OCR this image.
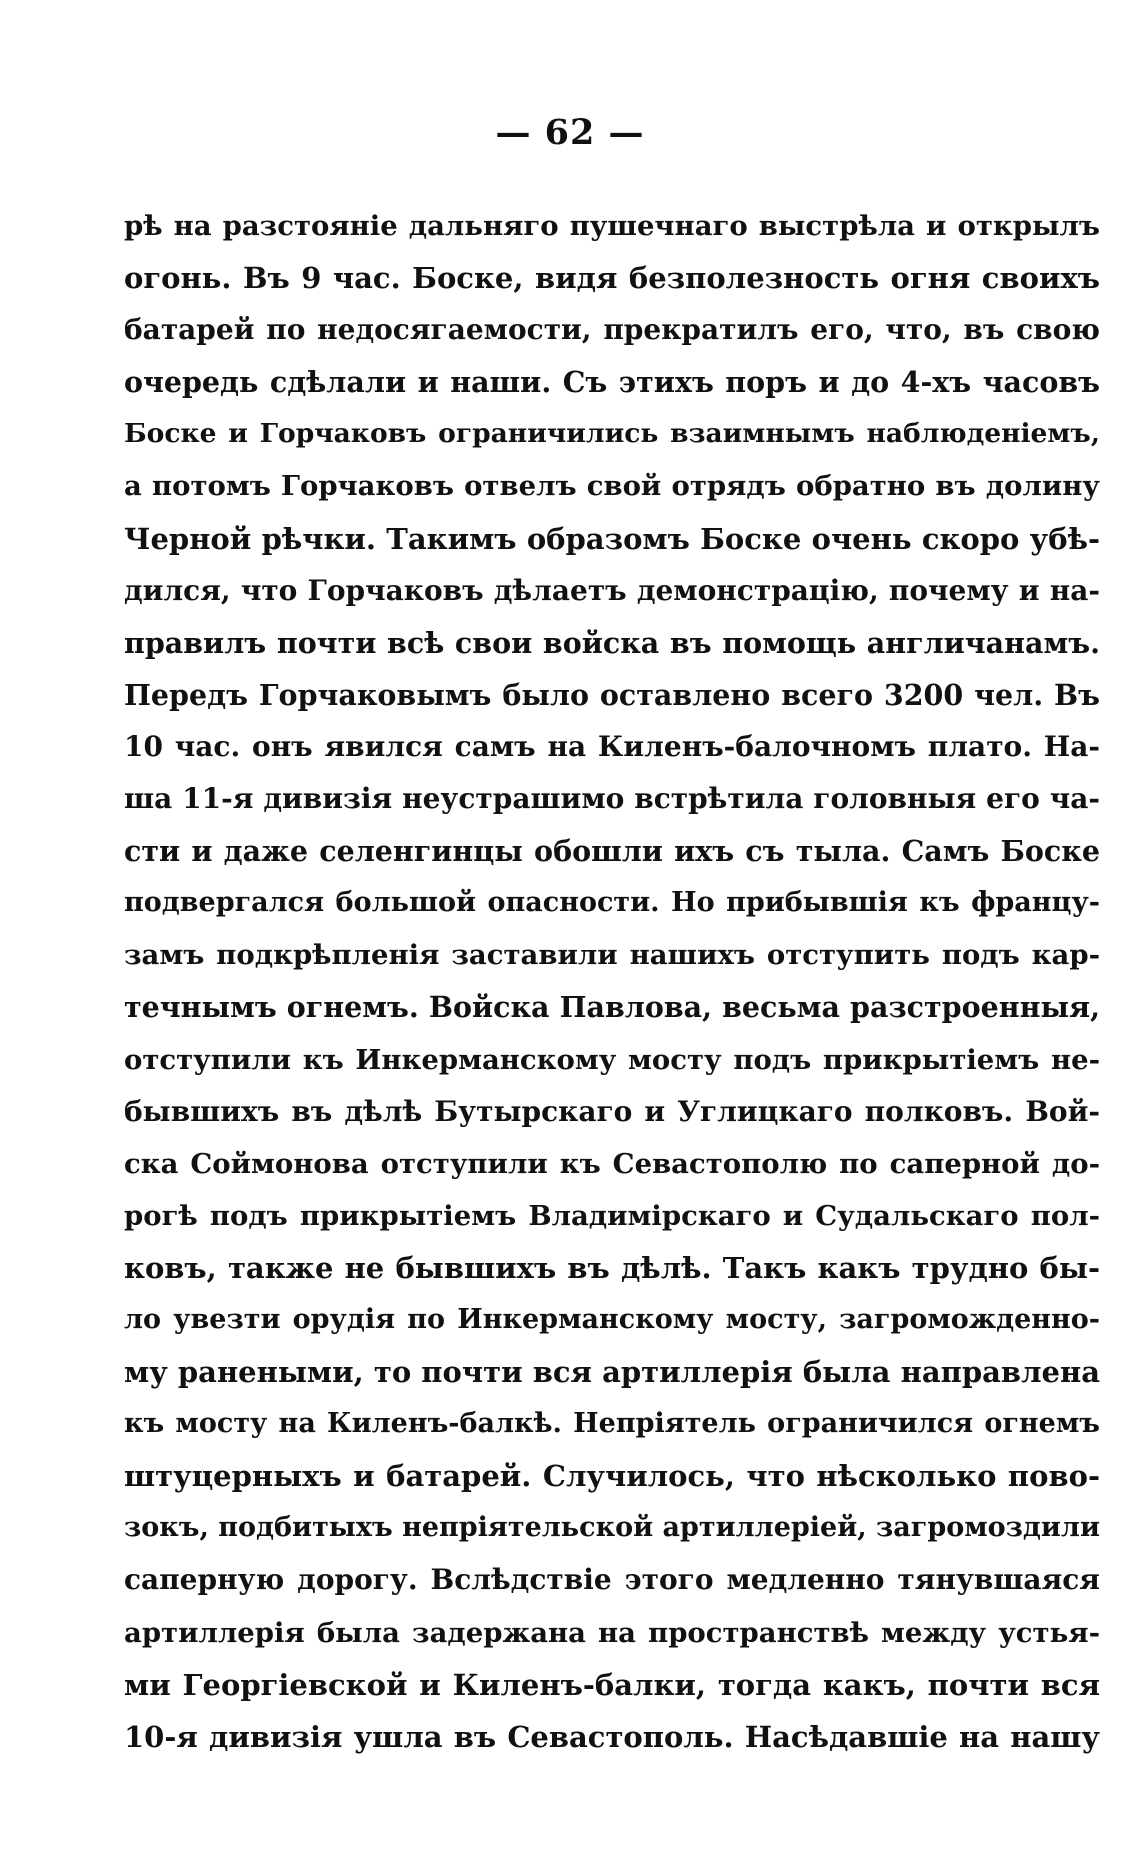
— 62 —
рѣ на разстояніе дальняго пушечнаго выстрѣла и открылъ
огонь. Въ 9 час. Боске, видя безполезность огня своихъ
батарей по недосягаемости, прекратилъ его, что, въ свою
очередь сдѣлали и наши. Съ этихъ поръ и до 4-хъ часовъ
Боске и Горчаковъ ограничились взаимнымъ наблюденіемъ,
а потомъ Горчаковъ отвелъ свой отрядъ обратно въ долину
Черной рѣчки. Такимъ образомъ Боске очень скоро убѣ-
дился, что Горчаковъ дѣлаетъ демонстрацію, почему и на-
правилъ почти всѣ свои войска въ помощь англичанамъ.
Передъ Горчаковымъ было оставлено всего 3200 чел. Въ
10 час. онъ явился самъ на Киленъ-балочномъ плато. На-
ша 11-я дивизія неустрашимо встрѣтила головныя его ча-
сти и даже селенгинцы обошли ихъ съ тыла. Самъ Боске
подвергался большой опасности. Но прибывшія къ францу-
замъ подкрѣпленія заставили нашихъ отступить подъ кар-
течнымъ огнемъ. Войска Павлова, весьма разстроенныя,
отступили къ Инкерманскому мосту подъ прикрытіемъ не-
бывшихъ въ дѣлѣ Бутырскаго и Углицкаго полковъ. Вой-
ска Соймонова отступили къ Севастополю по саперной до-
рогѣ подъ прикрытіемъ Владимірскаго и Судальскаго пол-
ковъ, также не бывшихъ въ дѣлѣ. Такъ какъ трудно бы-
ло увезти орудія по Инкерманскому мосту, загроможденно-
му ранеными, то почти вся артиллерія была направлена
къ мосту на Киленъ-балкѣ. Непріятель ограничился огнемъ
штуцерныхъ и батарей. Случилось, что нѣсколько пово-
зокъ, подбитыхъ непріятельской артиллеріей, загромоздили
саперную дорогу. Вслѣдствіе этого медленно тянувшаяся
артиллерія была задержана на пространствѣ между устья-
ми Георгіевской и Киленъ-балки, тогда какъ, почти вся
10-я дивизія ушла въ Севастополь. Насѣдавшіе на нашу
